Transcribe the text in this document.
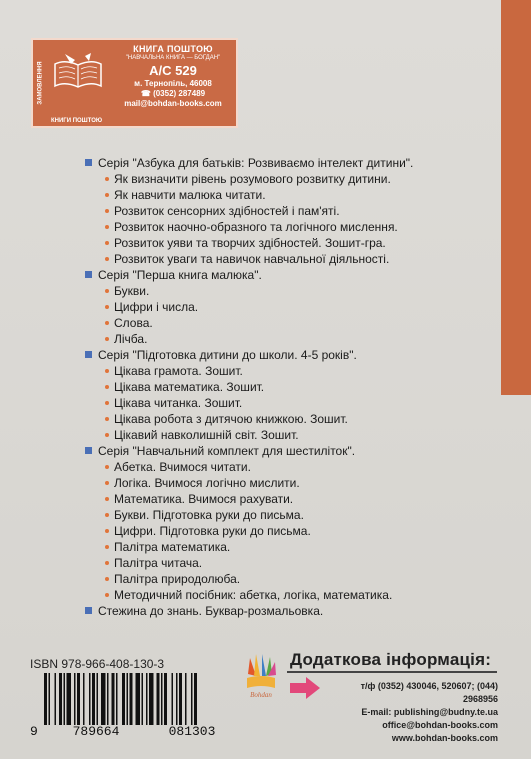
ЗАМОВЛЕННЯ
КНИГИ ПОШТОЮ
КНИГА ПОШТОЮ
"НАВЧАЛЬНА КНИГА — БОГДАН"
А/С 529
м. Тернопіль, 46008
☎ (0352) 287489
mail@bohdan-books.com
Серія "Азбука для батьків: Розвиваємо інтелект дитини".
Як визначити рівень розумового розвитку дитини.
Як навчити малюка читати.
Розвиток сенсорних здібностей і пам'яті.
Розвиток наочно-образного та логічного мислення.
Розвиток уяви та творчих здібностей. Зошит-гра.
Розвиток уваги та навичок навчальної діяльності.
Серія "Перша книга малюка".
Букви.
Цифри і числа.
Слова.
Лічба.
Серія "Підготовка дитини до школи. 4-5 років".
Цікава грамота. Зошит.
Цікава математика. Зошит.
Цікава читанка. Зошит.
Цікава робота з дитячою книжкою. Зошит.
Цікавий навколишній світ. Зошит.
Серія "Навчальний комплект для шестиліток".
Абетка. Вчимося читати.
Логіка. Вчимося логічно мислити.
Математика. Вчимося рахувати.
Букви. Підготовка руки до письма.
Цифри. Підготовка руки до письма.
Палітра математика.
Палітра читача.
Палітра природолюба.
Методичний посібник: абетка, логіка, математика.
Стежина до знань. Буквар-розмальовка.
ISBN 978-966-408-130-3
9	789664	081303
Bohdan
Додаткова інформація:
т/ф (0352) 430046, 520607; (044) 2968956
E-mail: publishing@budny.te.ua
office@bohdan-books.com
www.bohdan-books.com
